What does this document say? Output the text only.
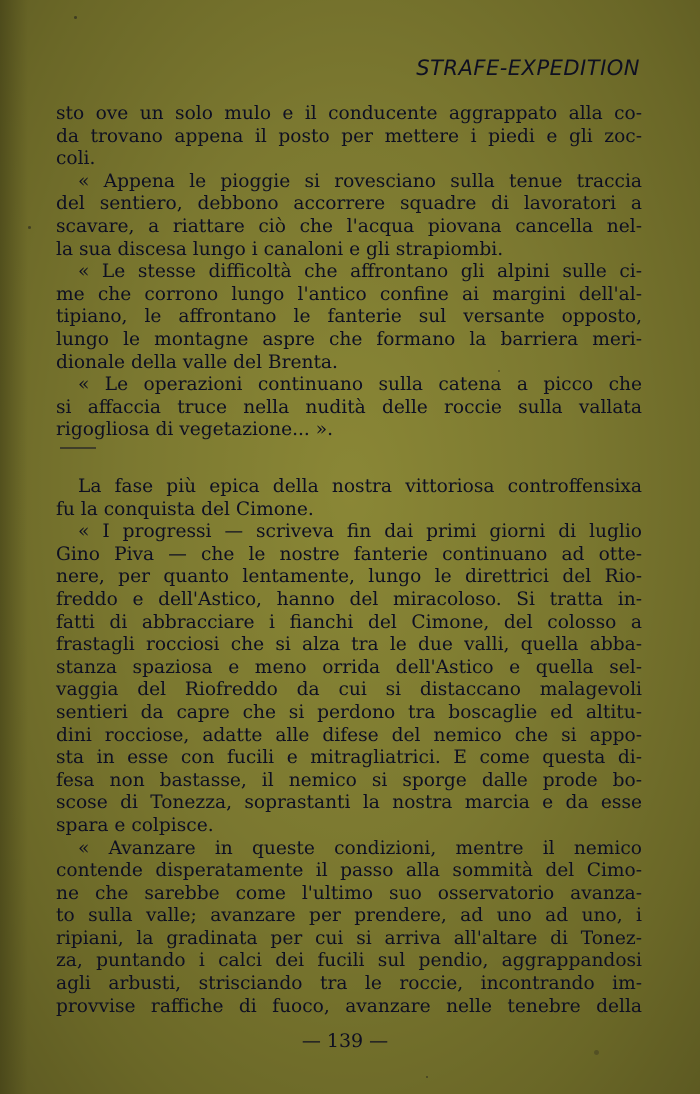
STRAFE-EXPEDITION
sto ove un solo mulo e il conducente aggrappato alla co-
da trovano appena il posto per mettere i piedi e gli zoc-
coli.
« Appena le pioggie si rovesciano sulla tenue traccia
del sentiero, debbono accorrere squadre di lavoratori a
scavare, a riattare ciò che l'acqua piovana cancella nel-
la sua discesa lungo i canaloni e gli strapiombi.
« Le stesse difficoltà che affrontano gli alpini sulle ci-
me che corrono lungo l'antico confine ai margini dell'al-
tipiano, le affrontano le fanterie sul versante opposto,
lungo le montagne aspre che formano la barriera meri-
dionale della valle del Brenta.
« Le operazioni continuano sulla catena a picco che
si affaccia truce nella nudità delle roccie sulla vallata
rigogliosa di vegetazione... ».
La fase più epica della nostra vittoriosa controffensixa
fu la conquista del Cimone.
« I progressi — scriveva fin dai primi giorni di luglio
Gino Piva — che le nostre fanterie continuano ad otte-
nere, per quanto lentamente, lungo le direttrici del Rio-
freddo e dell'Astico, hanno del miracoloso. Si tratta in-
fatti di abbracciare i fianchi del Cimone, del colosso a
frastagli rocciosi che si alza tra le due valli, quella abba-
stanza spaziosa e meno orrida dell'Astico e quella sel-
vaggia del Riofreddo da cui si distaccano malagevoli
sentieri da capre che si perdono tra boscaglie ed altitu-
dini rocciose, adatte alle difese del nemico che si appo-
sta in esse con fucili e mitragliatrici. E come questa di-
fesa non bastasse, il nemico si sporge dalle prode bo-
scose di Tonezza, soprastanti la nostra marcia e da esse
spara e colpisce.
« Avanzare in queste condizioni, mentre il nemico
contende disperatamente il passo alla sommità del Cimo-
ne che sarebbe come l'ultimo suo osservatorio avanza-
to sulla valle; avanzare per prendere, ad uno ad uno, i
ripiani, la gradinata per cui si arriva all'altare di Tonez-
za, puntando i calci dei fucili sul pendio, aggrappandosi
agli arbusti, strisciando tra le roccie, incontrando im-
provvise raffiche di fuoco, avanzare nelle tenebre della
— 139 —
